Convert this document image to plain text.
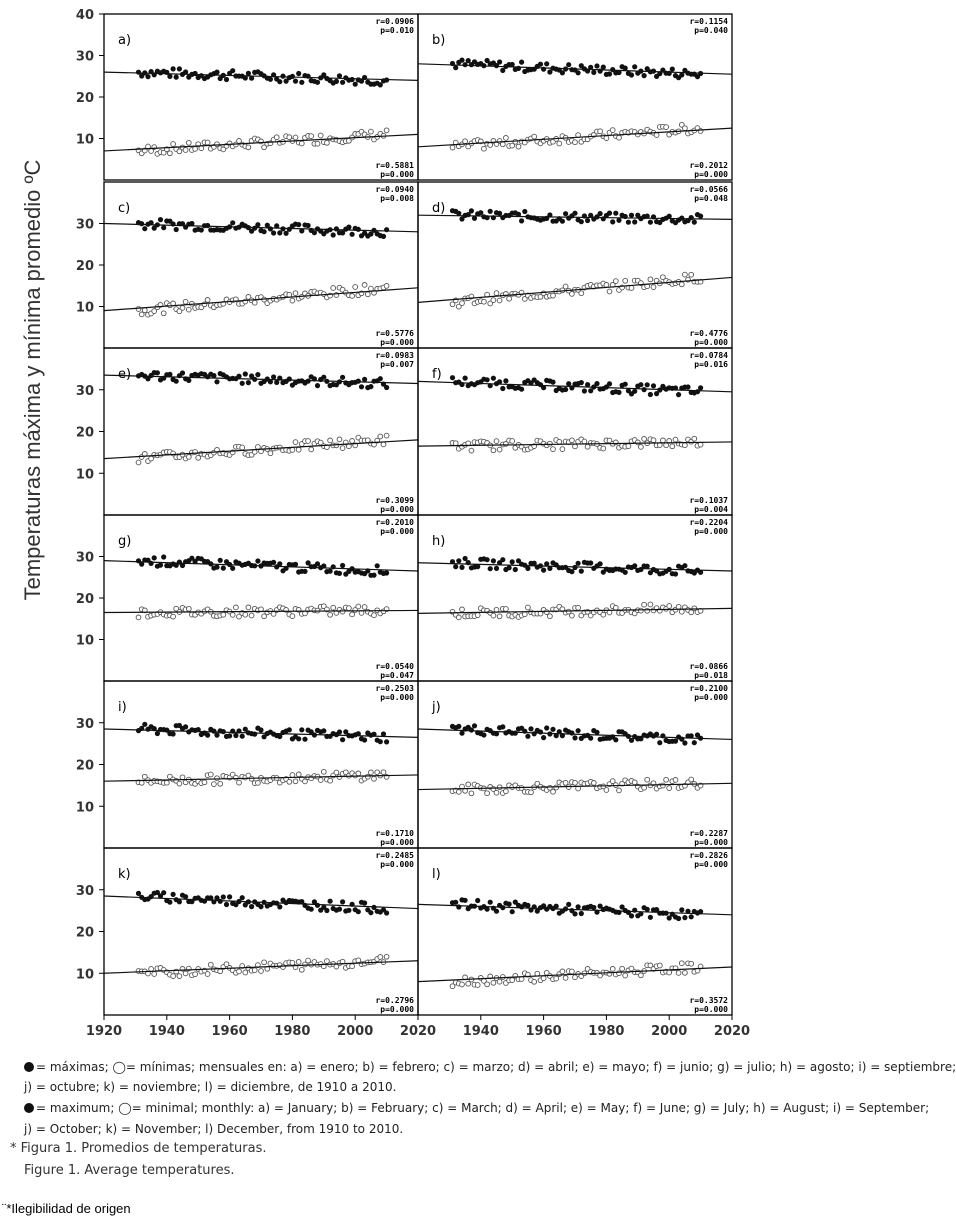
a)
r=0.0906
p=0.010
r=0.5881
p=0.000
10
20
30
40
b)
r=0.1154
p=0.040
r=0.2012
p=0.000
c)
r=0.0940
p=0.008
r=0.5776
p=0.000
10
20
30
d)
r=0.0566
p=0.048
r=0.4776
p=0.000
e)
r=0.0983
p=0.007
r=0.3099
p=0.000
10
20
30
f)
r=0.0784
p=0.016
r=0.1037
p=0.004
g)
r=0.2010
p=0.000
r=0.0540
p=0.047
10
20
30
h)
r=0.2204
p=0.000
r=0.0866
p=0.018
i)
r=0.2503
p=0.000
r=0.1710
p=0.000
10
20
30
j)
r=0.2100
p=0.000
r=0.2287
p=0.000
k)
r=0.2485
p=0.000
r=0.2796
p=0.000
10
20
30
1920 1940 1960 1980 2000 2020
l)
r=0.2826
p=0.000
r=0.3572
p=0.000
1940 1960 1980 2000 2020
Temperaturas máxima y mínima promedio ºC
= máximas; ◯= mínimas; mensuales en: a) = enero; b) = febrero; c) = marzo; d) = abril; e) = mayo; f) = junio; g) = julio; h) = agosto; i) = septiembre;
j) = octubre; k) = noviembre; l) = diciembre, de 1910 a 2010.
= maximum; ◯= minimal; monthly: a) = January; b) = February; c) = March; d) = April; e) = May; f) = June; g) = July; h) = August; i) = September;
j) = October; k) = November; l) December, from 1910 to 2010.
* Figura 1. Promedios de temperaturas.
Figure 1. Average temperatures.
¨*Ilegibilidad de origen
